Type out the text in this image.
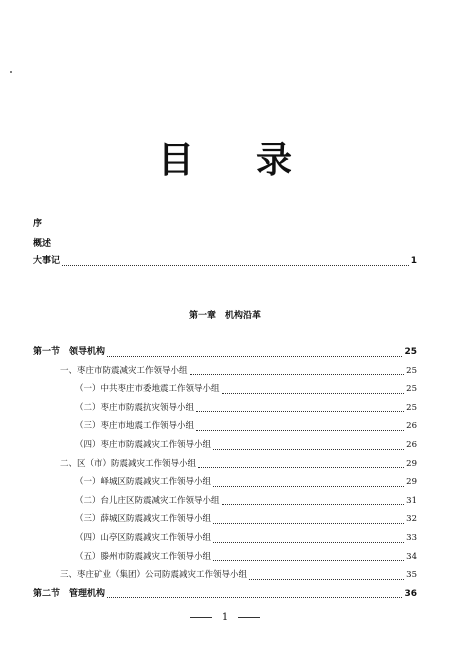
目 录
序
概述
大事记	1
第一章　机构沿革
第一节　领导机构	25
一、枣庄市防震减灾工作领导小组	25
（一）中共枣庄市委地震工作领导小组	25
（二）枣庄市防震抗灾领导小组	25
（三）枣庄市地震工作领导小组	26
（四）枣庄市防震减灾工作领导小组	26
二、区（市）防震减灾工作领导小组	29
（一）峄城区防震减灾工作领导小组	29
（二）台儿庄区防震减灾工作领导小组	31
（三）薛城区防震减灾工作领导小组	32
（四）山亭区防震减灾工作领导小组	33
（五）滕州市防震减灾工作领导小组	34
三、枣庄矿业（集团）公司防震减灾工作领导小组	35
第二节　管理机构	36
1
